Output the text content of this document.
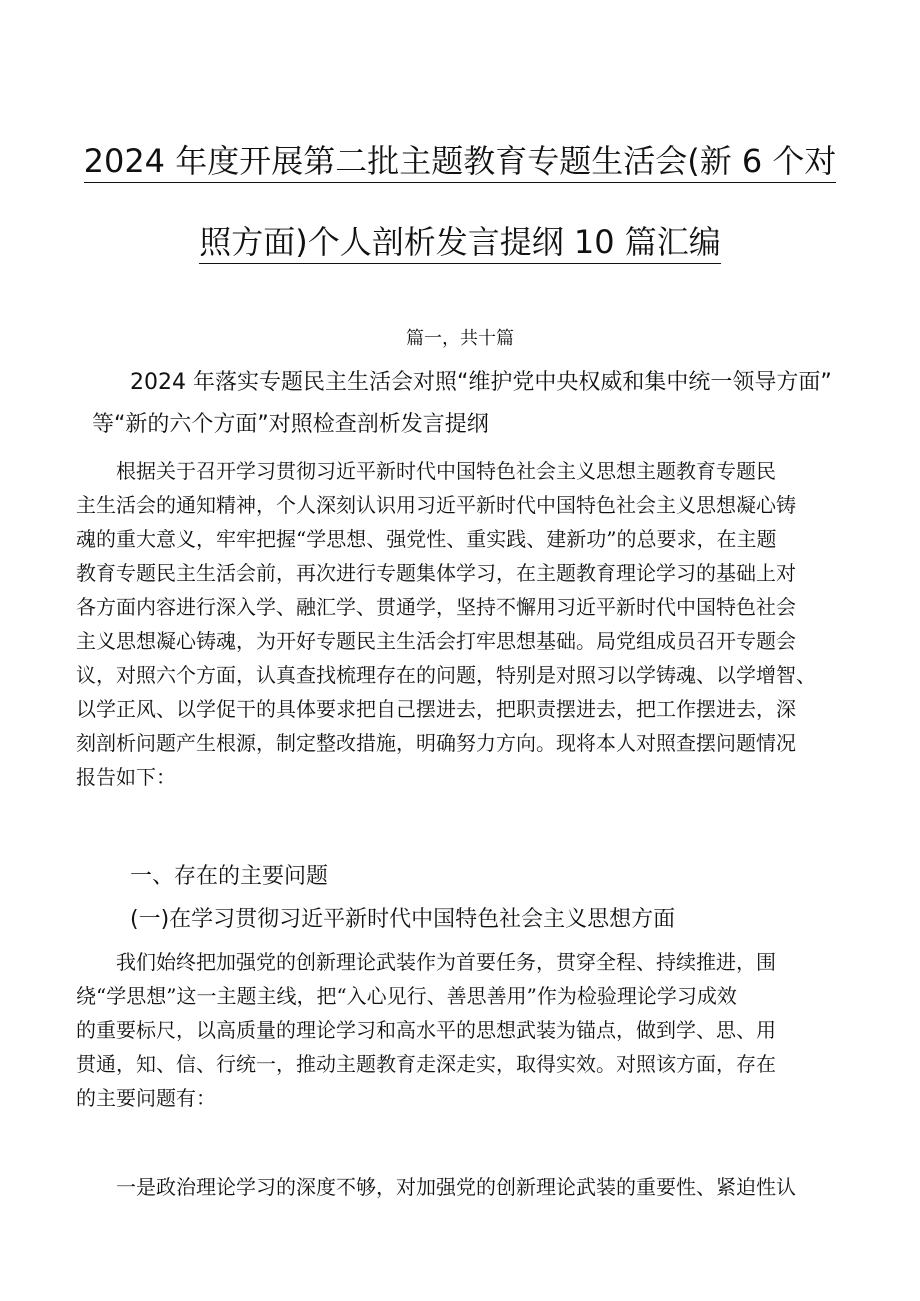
2024 年度开展第二批主题教育专题生活会(新 6 个对
照方面)个人剖析发言提纲 10 篇汇编
篇一，共十篇
2024 年落实专题民主生活会对照“维护党中央权威和集中统一领导方面”
等“新的六个方面”对照检查剖析发言提纲
　　根据关于召开学习贯彻习近平新时代中国特色社会主义思想主题教育专题民
主生活会的通知精神，个人深刻认识用习近平新时代中国特色社会主义思想凝心铸
魂的重大意义，牢牢把握“学思想、强党性、重实践、建新功”的总要求，在主题
教育专题民主生活会前，再次进行专题集体学习，在主题教育理论学习的基础上对
各方面内容进行深入学、融汇学、贯通学，坚持不懈用习近平新时代中国特色社会
主义思想凝心铸魂，为开好专题民主生活会打牢思想基础。局党组成员召开专题会
议，对照六个方面，认真查找梳理存在的问题，特别是对照习以学铸魂、以学增智、
以学正风、以学促干的具体要求把自己摆进去，把职责摆进去，把工作摆进去，深
刻剖析问题产生根源，制定整改措施，明确努力方向。现将本人对照查摆问题情况
报告如下：
一、存在的主要问题
(一)在学习贯彻习近平新时代中国特色社会主义思想方面
　　我们始终把加强党的创新理论武装作为首要任务，贯穿全程、持续推进，围
绕“学思想”这一主题主线，把“入心见行、善思善用”作为检验理论学习成效
的重要标尺，以高质量的理论学习和高水平的思想武装为锚点，做到学、思、用
贯通，知、信、行统一，推动主题教育走深走实，取得实效。对照该方面，存在
的主要问题有：
　　一是政治理论学习的深度不够，对加强党的创新理论武装的重要性、紧迫性认
